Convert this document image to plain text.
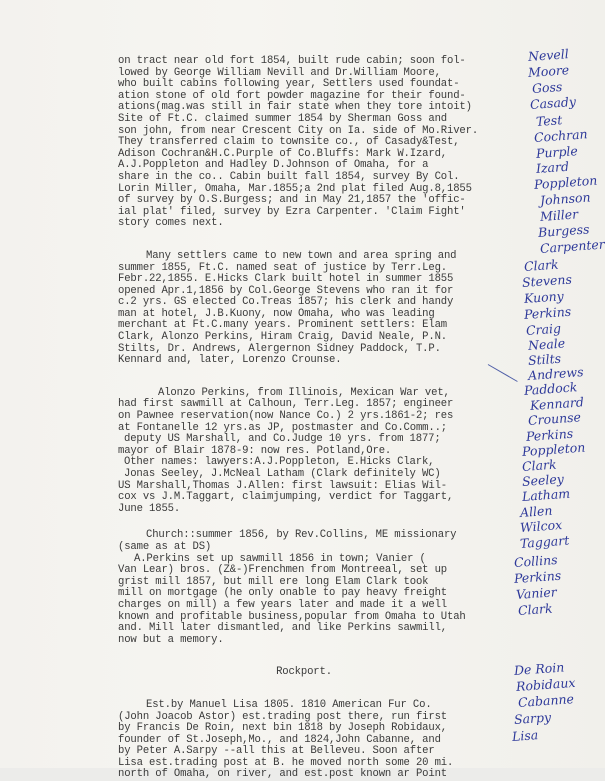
on tract near old fort 1854, built rude cabin; soon fol-
lowed by George William Nevill and Dr.William Moore,
who built cabins following year, Settlers used foundat-
ation stone of old fort powder magazine for their found-
ations(mag.was still in fair state when they tore intoit)
Site of Ft.C. claimed summer 1854 by Sherman Goss and
son john, from near Crescent City on Ia. side of Mo.River.
They transferred claim to townsite co., of Casady&Test,
Adison Cochran&H.C.Purple of Co.Bluffs: Mark W.Izard,
A.J.Poppleton and Hadley D.Johnson of Omaha, for a
share in the co.. Cabin built fall 1854, survey By Col.
Lorin Miller, Omaha, Mar.1855;a 2nd plat filed Aug.8,1855
of survey by O.S.Burgess; and in May 21,1857 the 'offic-
ial plat' filed, survey by Ezra Carpenter. 'Claim Fight'
story comes next.

Many settlers came to new town and area spring and
summer 1855, Ft.C. named seat of justice by Terr.Leg.
Febr.22,1855. E.Hicks Clark built hotel in summer 1855
opened Apr.1,1856 by Col.George Stevens who ran it for
c.2 yrs. GS elected Co.Treas 1857; his clerk and handy
man at hotel, J.B.Kuony, now Omaha, who was leading
merchant at Ft.C.many years. Prominent settlers: Elam
Clark, Alonzo Perkins, Hiram Craig, David Neale, P.N.
Stilts, Dr. Andrews, Alergernon Sidney Paddock, T.P.
Kennard and, later, Lorenzo Crounse.

Alonzo Perkins, from Illinois, Mexican War vet,
had first sawmill at Calhoun, Terr.Leg. 1857; engineer
on Pawnee reservation(now Nance Co.) 2 yrs.1861-2; res
at Fontanelle 12 yrs.as JP, postmaster and Co.Comm..;
deputy US Marshall, and Co.Judge 10 yrs. from 1877;
mayor of Blair 1878-9: now res. Potland,Ore.
Other names: lawyers:A.J.Poppleton, E.Hicks Clark,
Jonas Seeley, J.McNeal Latham (Clark definitely WC)
US Marshall,Thomas J.Allen: first lawsuit: Elias Wil-
cox vs J.M.Taggart, claimjumping, verdict for Taggart,
June 1855.

Church::summer 1856, by Rev.Collins, ME missionary
(same as at DS)

A.Perkins set up sawmill 1856 in town; Vanier (
Van Lear) bros. (Z&-)Frenchmen from Montreeal, set up
grist mill 1857, but mill ere long Elam Clark took
mill on mortgage (he only onable to pay heavy freight
charges on mill) a few years later and made it a well
known and profitable business,popular from Omaha to Utah
and. Mill later dismantled, and like Perkins sawmill,
now but a memory.

Rockport.

Est.by Manuel Lisa 1805. 1810 American Fur Co.
(John Joacob Astor) est.trading post there, run first
by Francis De Roin, next bin 1818 by Joseph Robidaux,
founder of St.Joseph,Mo., and 1824,John Cabanne, and
by Peter A.Sarpy --all this at Belleveu. Soon after
Lisa est.trading post at B. he moved north some 20 mi.
north of Omaha, on river, and est.post known ar Point

Nevell
Moore
Goss
Casady
Test
Cochran
Purple
Izard
Poppleton
Johnson
Miller
Burgess
Carpenter
Clark
Stevens
Kuony
Perkins
Craig
Neale
Stilts
Andrews
Paddock
Kennard
Crounse
Perkins
Poppleton
Clark
Seeley
Latham
Allen
Wilcox
Taggart
Collins
Perkins
Vanier
Clark
De Roin
Robidaux
Cabanne
Sarpy
Lisa
